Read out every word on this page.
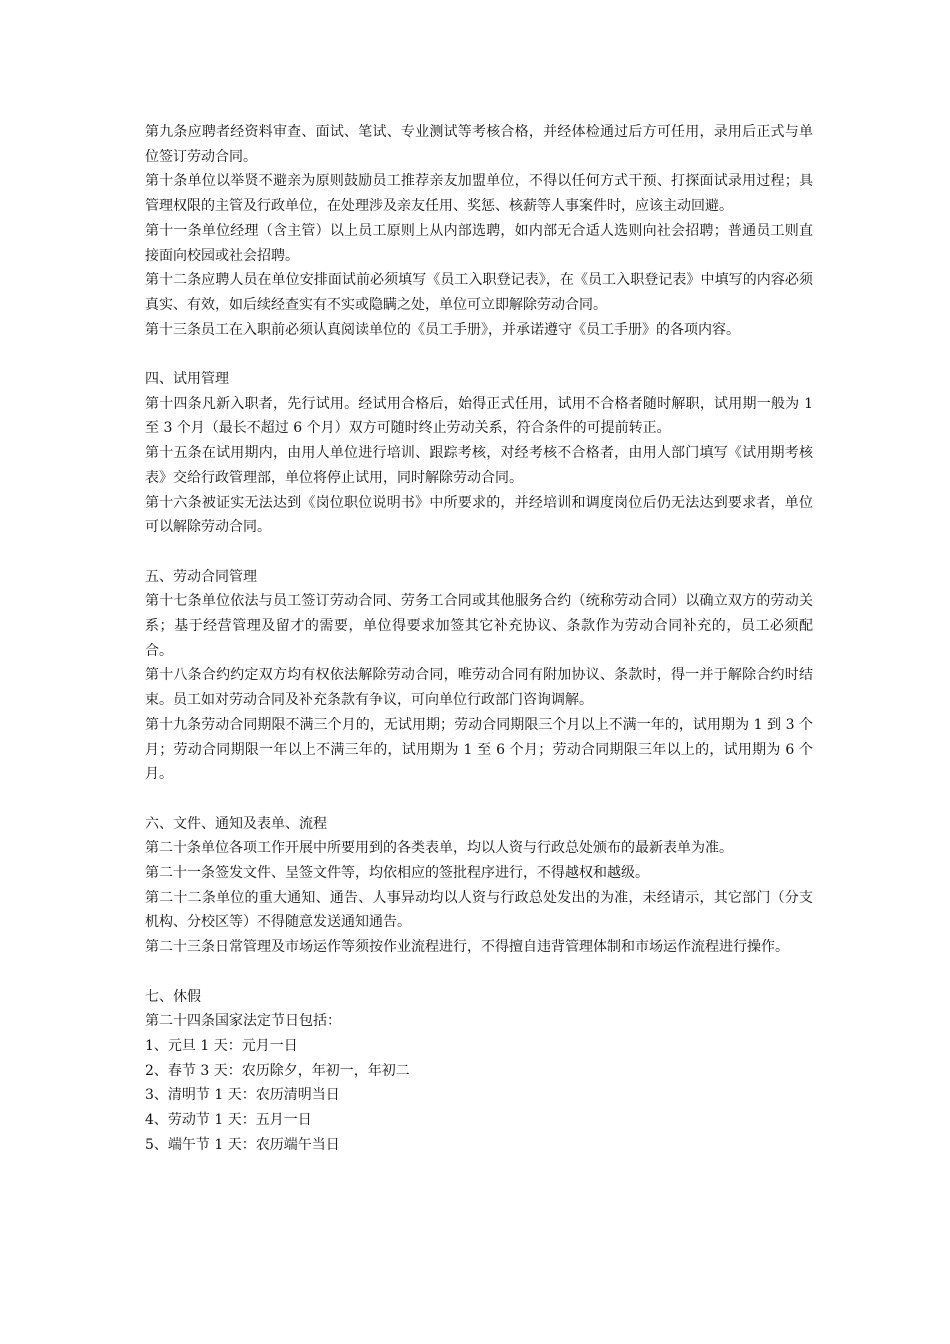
第九条应聘者经资料审查、面试、笔试、专业测试等考核合格，并经体检通过后方可任用，录用后正式与单位签订劳动合同。

第十条单位以举贤不避亲为原则鼓励员工推荐亲友加盟单位，不得以任何方式干预、打探面试录用过程；具管理权限的主管及行政单位，在处理涉及亲友任用、奖惩、核薪等人事案件时，应该主动回避。

第十一条单位经理（含主管）以上员工原则上从内部选聘，如内部无合适人选则向社会招聘；普通员工则直接面向校园或社会招聘。

第十二条应聘人员在单位安排面试前必须填写《员工入职登记表》，在《员工入职登记表》中填写的内容必须真实、有效，如后续经查实有不实或隐瞒之处，单位可立即解除劳动合同。

第十三条员工在入职前必须认真阅读单位的《员工手册》，并承诺遵守《员工手册》的各项内容。

四、试用管理

第十四条凡新入职者，先行试用。经试用合格后，始得正式任用，试用不合格者随时解职，试用期一般为 1 至 3 个月（最长不超过 6 个月）双方可随时终止劳动关系，符合条件的可提前转正。

第十五条在试用期内，由用人单位进行培训、跟踪考核，对经考核不合格者，由用人部门填写《试用期考核表》交给行政管理部，单位将停止试用，同时解除劳动合同。

第十六条被证实无法达到《岗位职位说明书》中所要求的，并经培训和调度岗位后仍无法达到要求者，单位可以解除劳动合同。

五、劳动合同管理

第十七条单位依法与员工签订劳动合同、劳务工合同或其他服务合约（统称劳动合同）以确立双方的劳动关系；基于经营管理及留才的需要，单位得要求加签其它补充协议、条款作为劳动合同补充的，员工必须配合。

第十八条合约约定双方均有权依法解除劳动合同，唯劳动合同有附加协议、条款时，得一并于解除合约时结束。员工如对劳动合同及补充条款有争议，可向单位行政部门咨询调解。

第十九条劳动合同期限不满三个月的，无试用期；劳动合同期限三个月以上不满一年的，试用期为 1 到 3 个月；劳动合同期限一年以上不满三年的，试用期为 1 至 6 个月；劳动合同期限三年以上的，试用期为 6 个月。

六、文件、通知及表单、流程

第二十条单位各项工作开展中所要用到的各类表单，均以人资与行政总处颁布的最新表单为准。

第二十一条签发文件、呈签文件等，均依相应的签批程序进行，不得越权和越级。

第二十二条单位的重大通知、通告、人事异动均以人资与行政总处发出的为准，未经请示，其它部门（分支机构、分校区等）不得随意发送通知通告。

第二十三条日常管理及市场运作等须按作业流程进行，不得擅自违背管理体制和市场运作流程进行操作。

七、休假

第二十四条国家法定节日包括：

1、元旦 1 天：元月一日

2、春节 3 天：农历除夕，年初一，年初二

3、清明节 1 天：农历清明当日

4、劳动节 1 天：五月一日

5、端午节 1 天：农历端午当日
